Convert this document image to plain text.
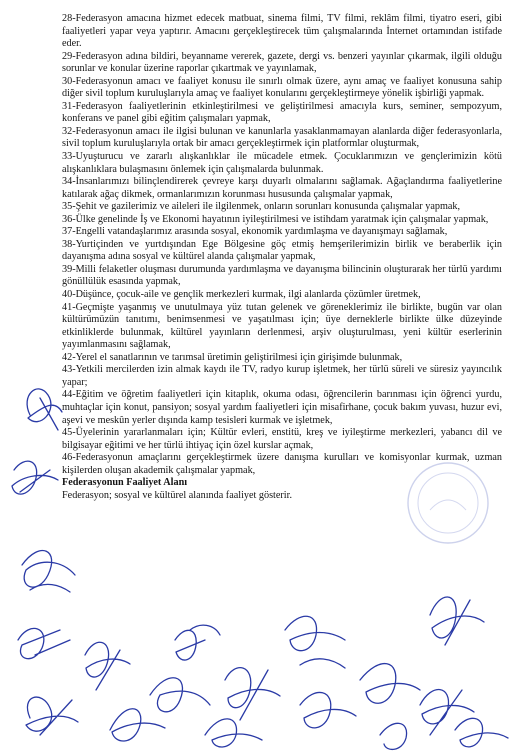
28-Federasyon amacına hizmet edecek matbuat, sinema filmi, TV filmi, reklâm filmi, tiyatro eseri, gibi faaliyetleri yapar veya yaptırır. Amacını gerçekleştirecek tüm çalışmalarında İnternet ortamından istifade eder.

29-Federasyon adına bildiri, beyanname vererek, gazete, dergi vs. benzeri yayınlar çıkarmak, ilgili olduğu sorunlar ve konular üzerine raporlar çıkartmak ve yayınlamak,

30-Federasyonun amacı ve faaliyet konusu ile sınırlı olmak üzere, aynı amaç ve faaliyet konusuna sahip diğer sivil toplum kuruluşlarıyla amaç ve faaliyet konularını gerçekleştirmeye yönelik işbirliği yapmak.

31-Federasyon faaliyetlerinin etkinleştirilmesi ve geliştirilmesi amacıyla kurs, seminer, sempozyum, konferans ve panel gibi eğitim çalışmaları yapmak,

32-Federasyonun amacı ile ilgisi bulunan ve kanunlarla yasaklanmamayan alanlarda diğer federasyonlarla, sivil toplum kuruluşlarıyla ortak bir amacı gerçekleştirmek için platformlar oluşturmak,

33-Uyuşturucu ve zararlı alışkanlıklar ile mücadele etmek. Çocuklarımızın ve gençlerimizin kötü alışkanlıklara bulaşmasını önlemek için çalışmalarda bulunmak.

34-İnsanlarımızı bilinçlendirerek çevreye karşı duyarlı olmalarını sağlamak. Ağaçlandırma faaliyetlerine katılarak ağaç dikmek, ormanlarımızın korunması hususunda çalışmalar yapmak,

35-Şehit ve gazilerimiz ve aileleri ile ilgilenmek, onların sorunları konusunda çalışmalar yapmak,

36-Ülke genelinde İş ve Ekonomi hayatının iyileştirilmesi ve istihdam yaratmak için çalışmalar yapmak,

37-Engelli vatandaşlarımız arasında sosyal, ekonomik yardımlaşma ve dayanışmayı sağlamak,

38-Yurtiçinden ve yurtdışından Ege Bölgesine göç etmiş hemşerilerimizin birlik ve beraberlik için dayanışma adına sosyal ve kültürel alanda çalışmalar yapmak,

39-Milli felaketler oluşması durumunda yardımlaşma ve dayanışma bilincinin oluşturarak her türlü yardımı gönüllülük esasında yapmak,

40-Düşünce, çocuk-aile ve gençlik merkezleri kurmak, ilgi alanlarda çözümler üretmek,

41-Geçmişte yaşanmış ve unutulmaya yüz tutan gelenek ve göreneklerimiz ile birlikte, bugün var olan kültürümüzün tanıtımı, benimsenmesi ve yaşatılması için; üye derneklerle birlikte ülke düzeyinde etkinliklerde bulunmak, kültürel yayınların derlenmesi, arşiv oluşturulması, yeni kültür eserlerinin yayımlanmasını sağlamak,

42-Yerel el sanatlarının ve tarımsal üretimin geliştirilmesi için girişimde bulunmak,

43-Yetkili mercilerden izin almak kaydı ile TV, radyo kurup işletmek, her türlü süreli ve süresiz yayıncılık yapar;

44-Eğitim ve öğretim faaliyetleri için kitaplık, okuma odası, öğrencilerin barınması için öğrenci yurdu, muhtaçlar için konut, pansiyon; sosyal yardım faaliyetleri için misafirhane, çocuk bakım yuvası, huzur evi, aşevi ve meskûn yerler dışında kamp tesisleri kurmak ve işletmek,

45-Üyelerinin yararlanmaları için; Kültür evleri, enstitü, kreş ve iyileştirme merkezleri, yabancı dil ve bilgisayar eğitimi ve her türlü ihtiyaç için özel kurslar açmak,

46-Federasyonun amaçlarını gerçekleştirmek üzere danışma kurulları ve komisyonlar kurmak, uzman kişilerden oluşan akademik çalışmalar yapmak,

Federasyonun Faaliyet Alanı

Federasyon; sosyal ve kültürel alanında faaliyet gösterir.
